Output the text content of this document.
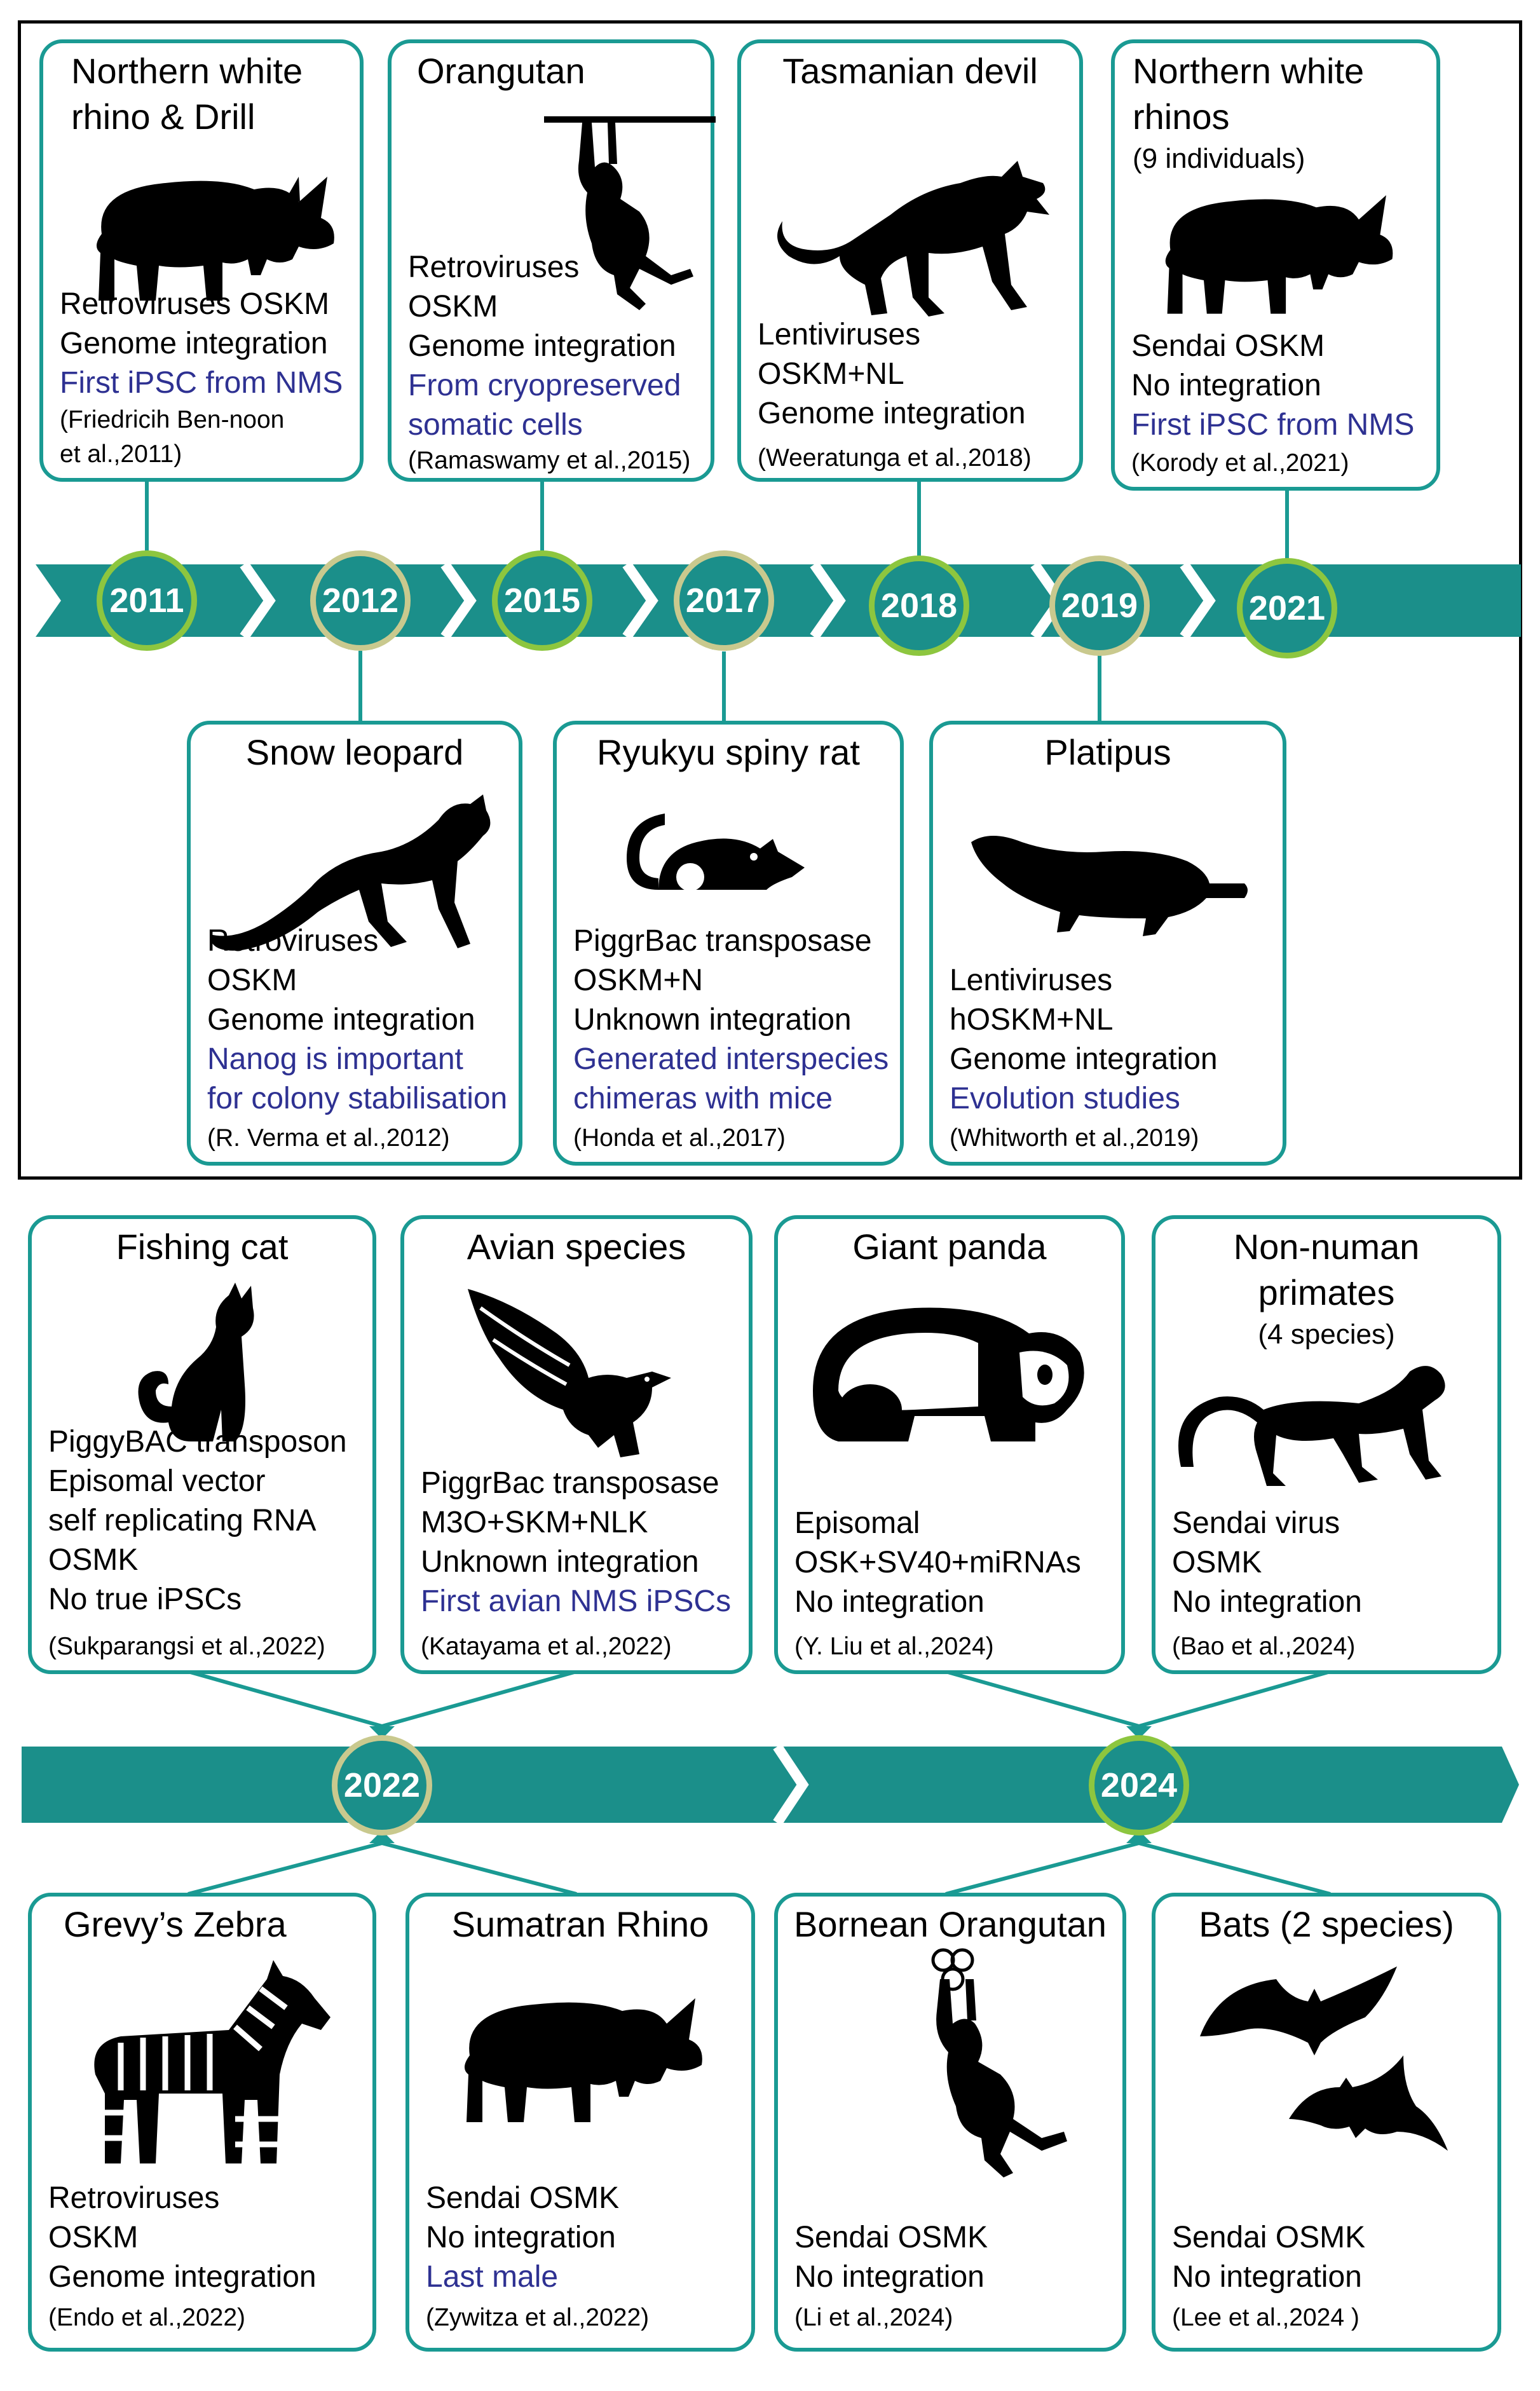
2011	2012	2015	2017	2018	2019	2021
Northern white
rhino & Drill
Retroviruses OSKM
Genome integration
First iPSC from NMS
(Friedricih Ben-noon
et al.,2011)
Orangutan
Retroviruses
OSKM
Genome integration
From cryopreserved
somatic cells
(Ramaswamy et al.,2015)
Tasmanian devil
Lentiviruses
OSKM+NL
Genome integration
(Weeratunga et al.,2018)
Northern white
rhinos
(9 individuals)
Sendai OSKM
No integration
First iPSC from NMS
(Korody et al.,2021)
Snow leopard
Retroviruses
OSKM
Genome integration
Nanog is important
for colony stabilisation
(R. Verma et al.,2012)
Ryukyu spiny rat
PiggrBac transposase
OSKM+N
Unknown integration
Generated interspecies
chimeras with mice
(Honda et al.,2017)
Platipus
Lentiviruses
hOSKM+NL
Genome integration
Evolution studies
(Whitworth et al.,2019)
2022	2024
Fishing cat
PiggyBAC transposon
Episomal vector
self replicating RNA
OSMK
No true iPSCs
(Sukparangsi et al.,2022)
Avian species
PiggrBac transposase
M3O+SKM+NLK
Unknown integration
First avian NMS iPSCs
(Katayama et al.,2022)
Giant panda
Episomal
OSK+SV40+miRNAs
No integration
(Y. Liu et al.,2024)
Non-numan
primates
(4 species)
Sendai virus
OSMK
No integration
(Bao et al.,2024)
Grevy’s Zebra
Retroviruses
OSKM
Genome integration
(Endo et al.,2022)
Sumatran Rhino
Sendai OSMK
No integration
Last male
(Zywitza et al.,2022)
Bornean Orangutan
Sendai OSMK
No integration
(Li et al.,2024)
Bats (2 species)
Sendai OSMK
No integration
(Lee et al.,2024 )
